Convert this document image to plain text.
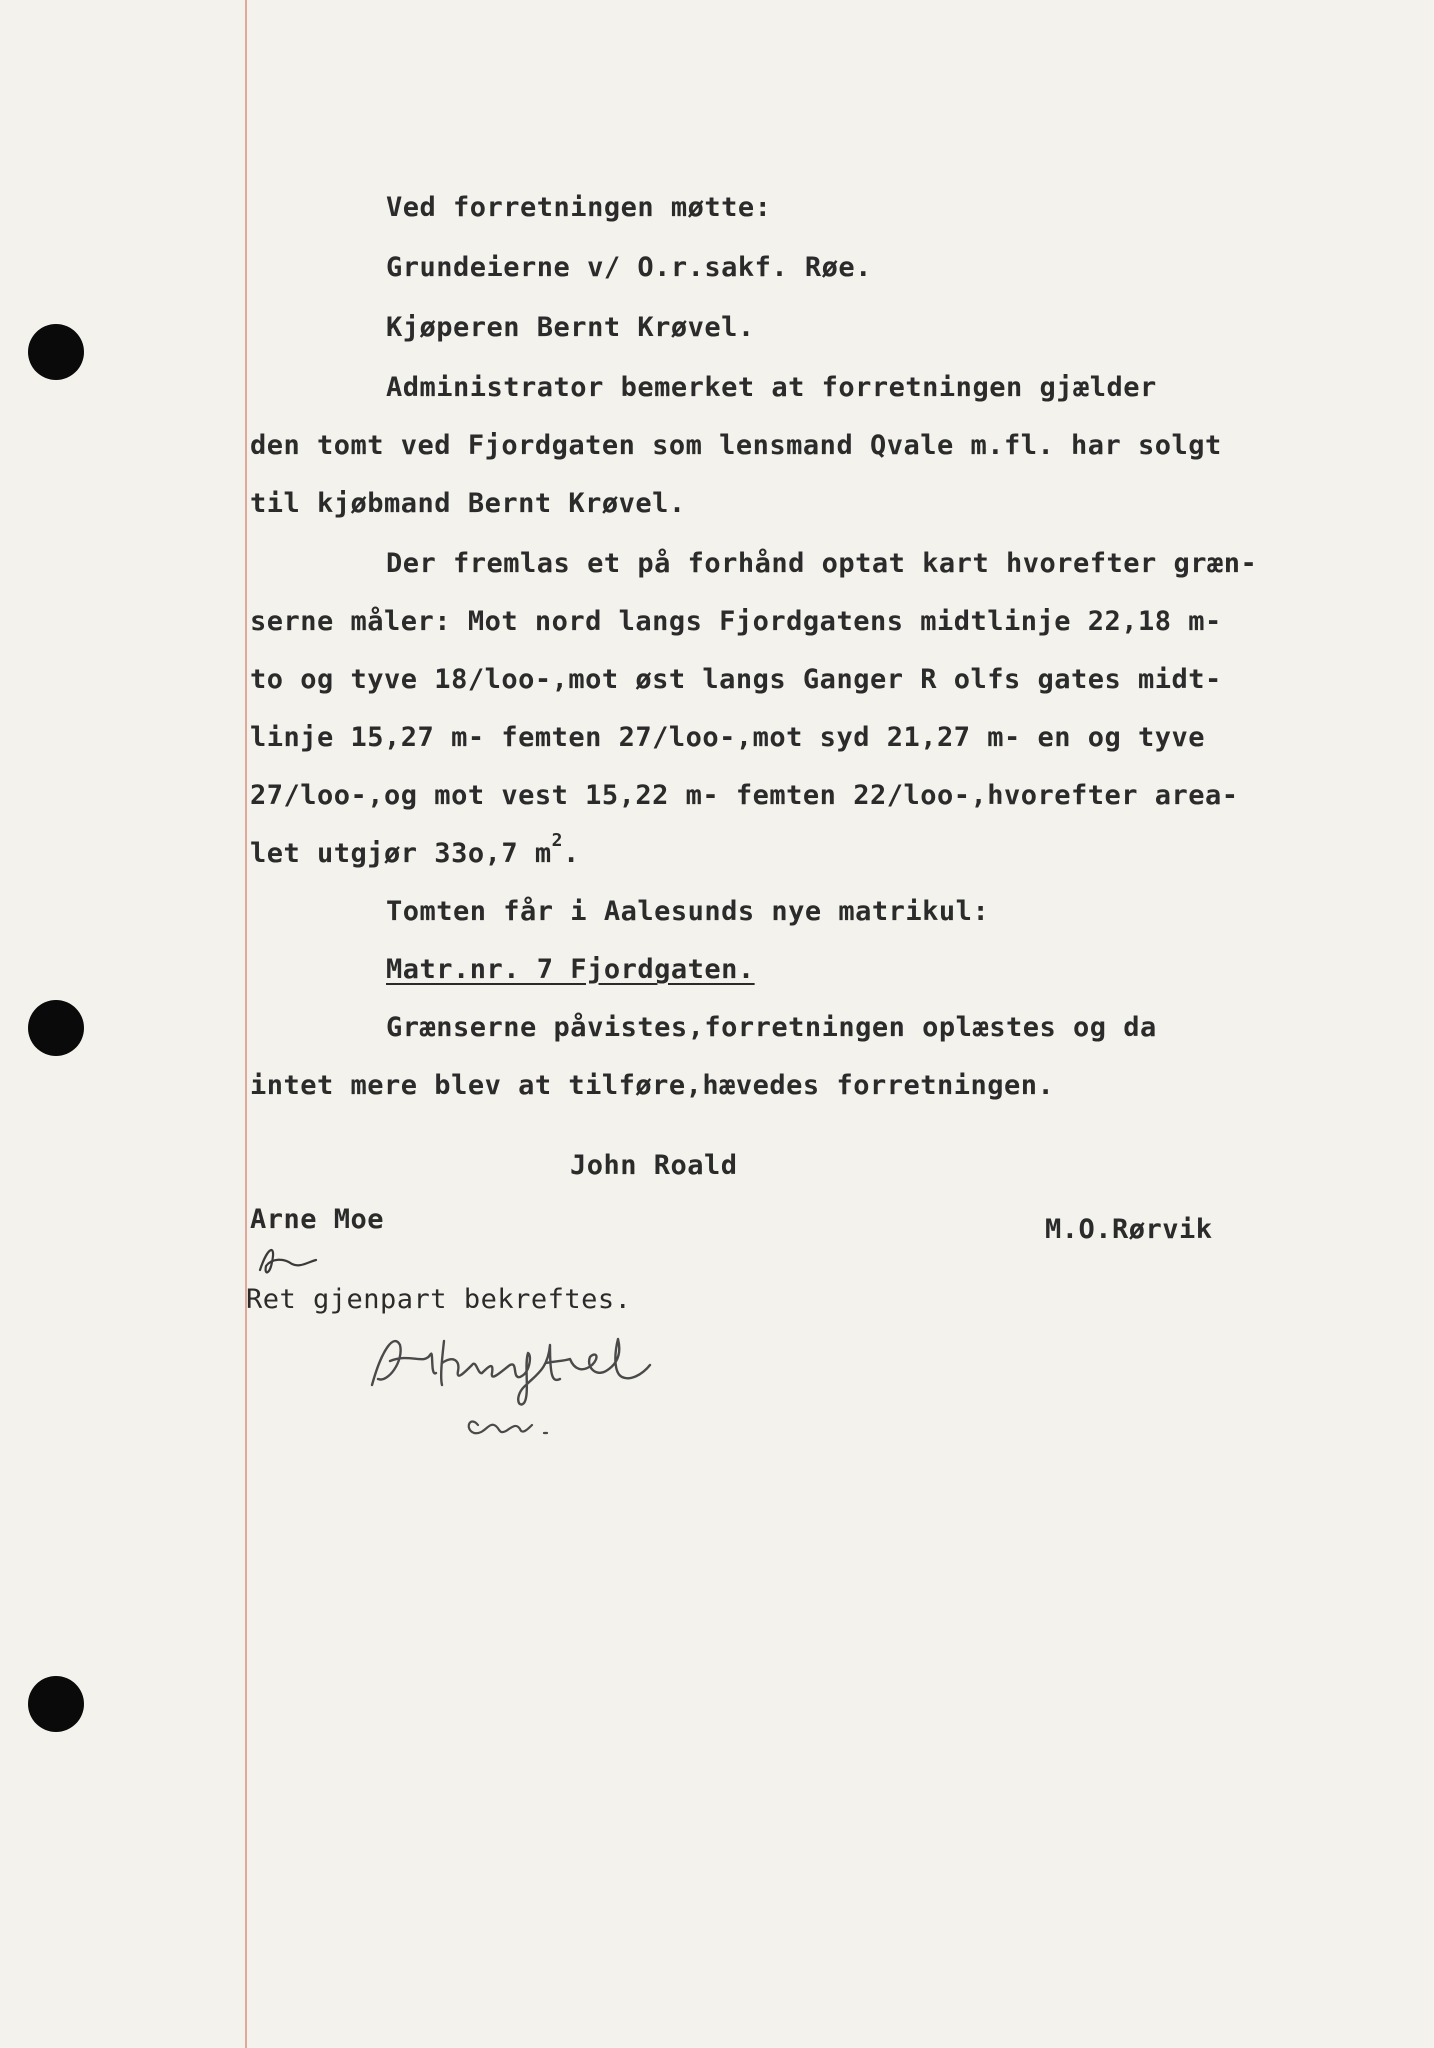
Ved forretningen møtte:
Grundeierne v/ O.r.sakf. Røe.
Kjøperen Bernt Krøvel.
Administrator bemerket at forretningen gjælder
den tomt ved Fjordgaten som lensmand Qvale m.fl. har solgt
til kjøbmand Bernt Krøvel.
Der fremlas et på forhånd optat kart hvorefter græn-
serne måler: Mot nord langs Fjordgatens midtlinje 22,18 m-
to og tyve 18/loo-,mot øst langs Ganger R olfs gates midt-
linje 15,27 m- femten 27/loo-,mot syd 21,27 m- en og tyve
27/loo-,og mot vest 15,22 m- femten 22/loo-,hvorefter area-
let utgjør 33o,7 $m^2$.
Tomten får i Aalesunds nye matrikul:
Matr.nr. 7 Fjordgaten.
Grænserne påvistes,forretningen oplæstes og da
intet mere blev at tilføre,hævedes forretningen.
John Roald
Arne Moe	M.O.Rørvik
Ret gjenpart bekreftes.
